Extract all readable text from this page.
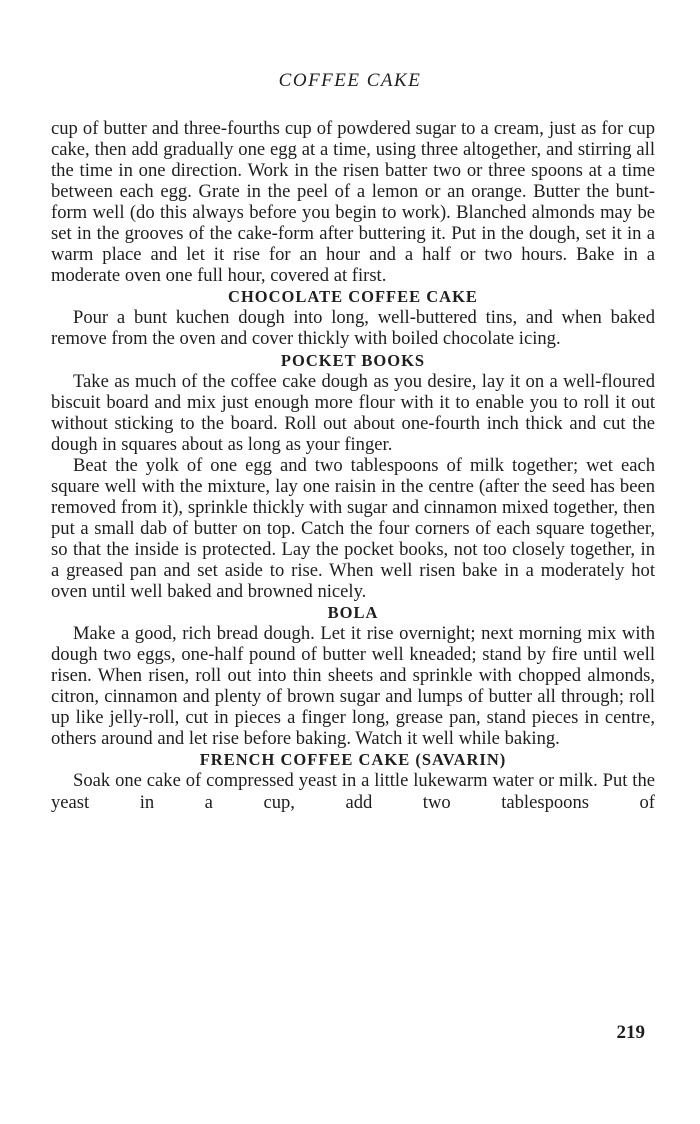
COFFEE CAKE

cup of butter and three-fourths cup of powdered sugar to a cream, just as for cup cake, then add gradually one egg at a time, using three altogether, and stirring all the time in one direction. Work in the risen batter two or three spoons at a time between each egg. Grate in the peel of a lemon or an orange. Butter the bunt-form well (do this always before you begin to work). Blanched almonds may be set in the grooves of the cake-form after buttering it. Put in the dough, set it in a warm place and let it rise for an hour and a half or two hours. Bake in a moderate oven one full hour, covered at first.

CHOCOLATE COFFEE CAKE

Pour a bunt kuchen dough into long, well-buttered tins, and when baked remove from the oven and cover thickly with boiled chocolate icing.

POCKET BOOKS

Take as much of the coffee cake dough as you desire, lay it on a well-floured biscuit board and mix just enough more flour with it to enable you to roll it out without sticking to the board. Roll out about one-fourth inch thick and cut the dough in squares about as long as your finger.

Beat the yolk of one egg and two tablespoons of milk together; wet each square well with the mixture, lay one raisin in the centre (after the seed has been removed from it), sprinkle thickly with sugar and cinnamon mixed together, then put a small dab of butter on top. Catch the four corners of each square together, so that the inside is protected. Lay the pocket books, not too closely together, in a greased pan and set aside to rise. When well risen bake in a moderately hot oven until well baked and browned nicely.

BOLA

Make a good, rich bread dough. Let it rise overnight; next morning mix with dough two eggs, one-half pound of butter well kneaded; stand by fire until well risen. When risen, roll out into thin sheets and sprinkle with chopped almonds, citron, cinnamon and plenty of brown sugar and lumps of butter all through; roll up like jelly-roll, cut in pieces a finger long, grease pan, stand pieces in centre, others around and let rise before baking. Watch it well while baking.

FRENCH COFFEE CAKE (SAVARIN)

Soak one cake of compressed yeast in a little lukewarm water or milk. Put the yeast in a cup, add two tablespoons of

219
